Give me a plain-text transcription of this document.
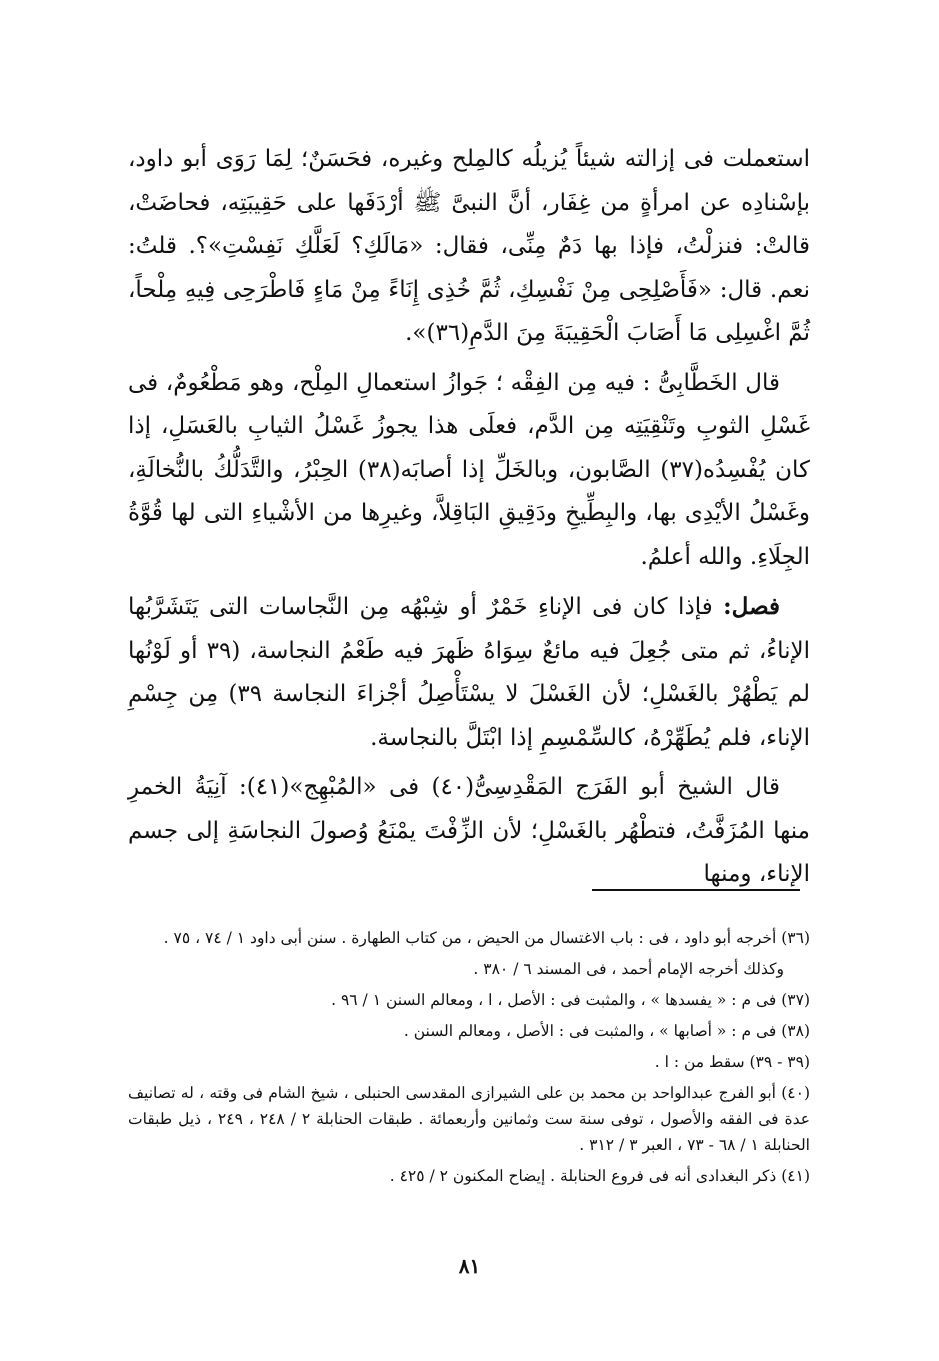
استعملت فى إزالته شيئاً يُزيلُه كالمِلح وغيره، فحَسَنٌ؛ لِمَا رَوَى أبو داود، بإسْنادِه عن امرأةٍ من غِفَار، أنَّ النبىَّ ﷺ أرْدَفَها على حَقِيبَتِه، فحاضَتْ، قالتْ: فنزلْتُ، فإذا بها دَمٌ مِنِّى، فقال: «مَالَكِ؟ لَعَلَّكِ نَفِسْتِ»؟. قلتُ: نعم. قال: «فَأَصْلِحِى مِنْ نَفْسِكِ، ثُمَّ خُذِى إِنَاءً مِنْ مَاءٍ فَاطْرَحِى فِيهِ مِلْحاً، ثُمَّ اغْسِلِى مَا أَصَابَ الْحَقِيبَةَ مِنَ الدَّمِ(٣٦)».

قال الخَطَّابِىُّ : فيه مِن الفِقْه ؛ جَوازُ استعمالِ المِلْح، وهو مَطْعُومٌ، فى غَسْلِ الثوبِ وتَنْقِيَتِه مِن الدَّم، فعلَى هذا يجوزُ غَسْلُ الثيابِ بالعَسَلِ، إذا كان يُفْسِدُه(٣٧) الصَّابون، وبالخَلِّ إذا أصابَه(٣٨) الحِبْرُ، والتَّدَلُّكُ بالنُّخالَةِ، وغَسْلُ الأيْدِى بها، والبِطِّيخِ ودَقِيقِ البَاقِلاَّ، وغيرِها من الأشْياءِ التى لها قُوَّةُ الجِلَاءِ. والله أعلمُ.

فصل: فإذا كان فى الإناءِ خَمْرٌ أو شِبْهُه مِن النَّجاسات التى يَتَشَرَّبُها الإناءُ، ثم متى جُعِلَ فيه مائعٌ سِوَاهُ ظَهرَ فيه طَعْمُ النجاسة، (٣٩ أو لَوْنُها لم يَطْهُرْ بالغَسْلِ؛ لأن الغَسْلَ لا يسْتَأْصِلُ أجْزاءَ النجاسة ٣٩) مِن جِسْمِ الإناء، فلم يُطَهِّرْهُ، كالسِّمْسِمِ إذا ابْتَلَّ بالنجاسة.

قال الشيخ أبو الفَرَج المَقْدِسِىُّ(٤٠) فى «المُبْهِج»(٤١): آنِيَةُ الخمرِ منها المُزَفَّتُ، فتطْهُر بالغَسْلِ؛ لأن الزِّفْتَ يمْنَعُ وُصولَ النجاسَةِ إلى جسم الإناء، ومنها

(٣٦) أخرجه أبو داود ، فى : باب الاغتسال من الحيض ، من كتاب الطهارة . سنن أبى داود ١ / ٧٤ ، ٧٥ .

وكذلك أخرجه الإمام أحمد ، فى المسند ٦ / ٣٨٠ .

(٣٧) فى م : « يفسدها » ، والمثبت فى : الأصل ، ا ، ومعالم السنن ١ / ٩٦ .

(٣٨) فى م : « أصابها » ، والمثبت فى : الأصل ، ومعالم السنن .

(٣٩ - ٣٩) سقط من : ا .

(٤٠) أبو الفرج عبدالواحد بن محمد بن على الشيرازى المقدسى الحنبلى ، شيخ الشام فى وقته ، له تصانيف عدة فى الفقه والأصول ، توفى سنة ست وثمانين وأربعمائة . طبقات الحنابلة ٢ / ٢٤٨ ، ٢٤٩ ، ذيل طبقات الحنابلة ١ / ٦٨ - ٧٣ ، العبر ٣ / ٣١٢ .

(٤١) ذكر البغدادى أنه فى فروع الحنابلة . إيضاح المكنون ٢ / ٤٢٥ .

٨١
